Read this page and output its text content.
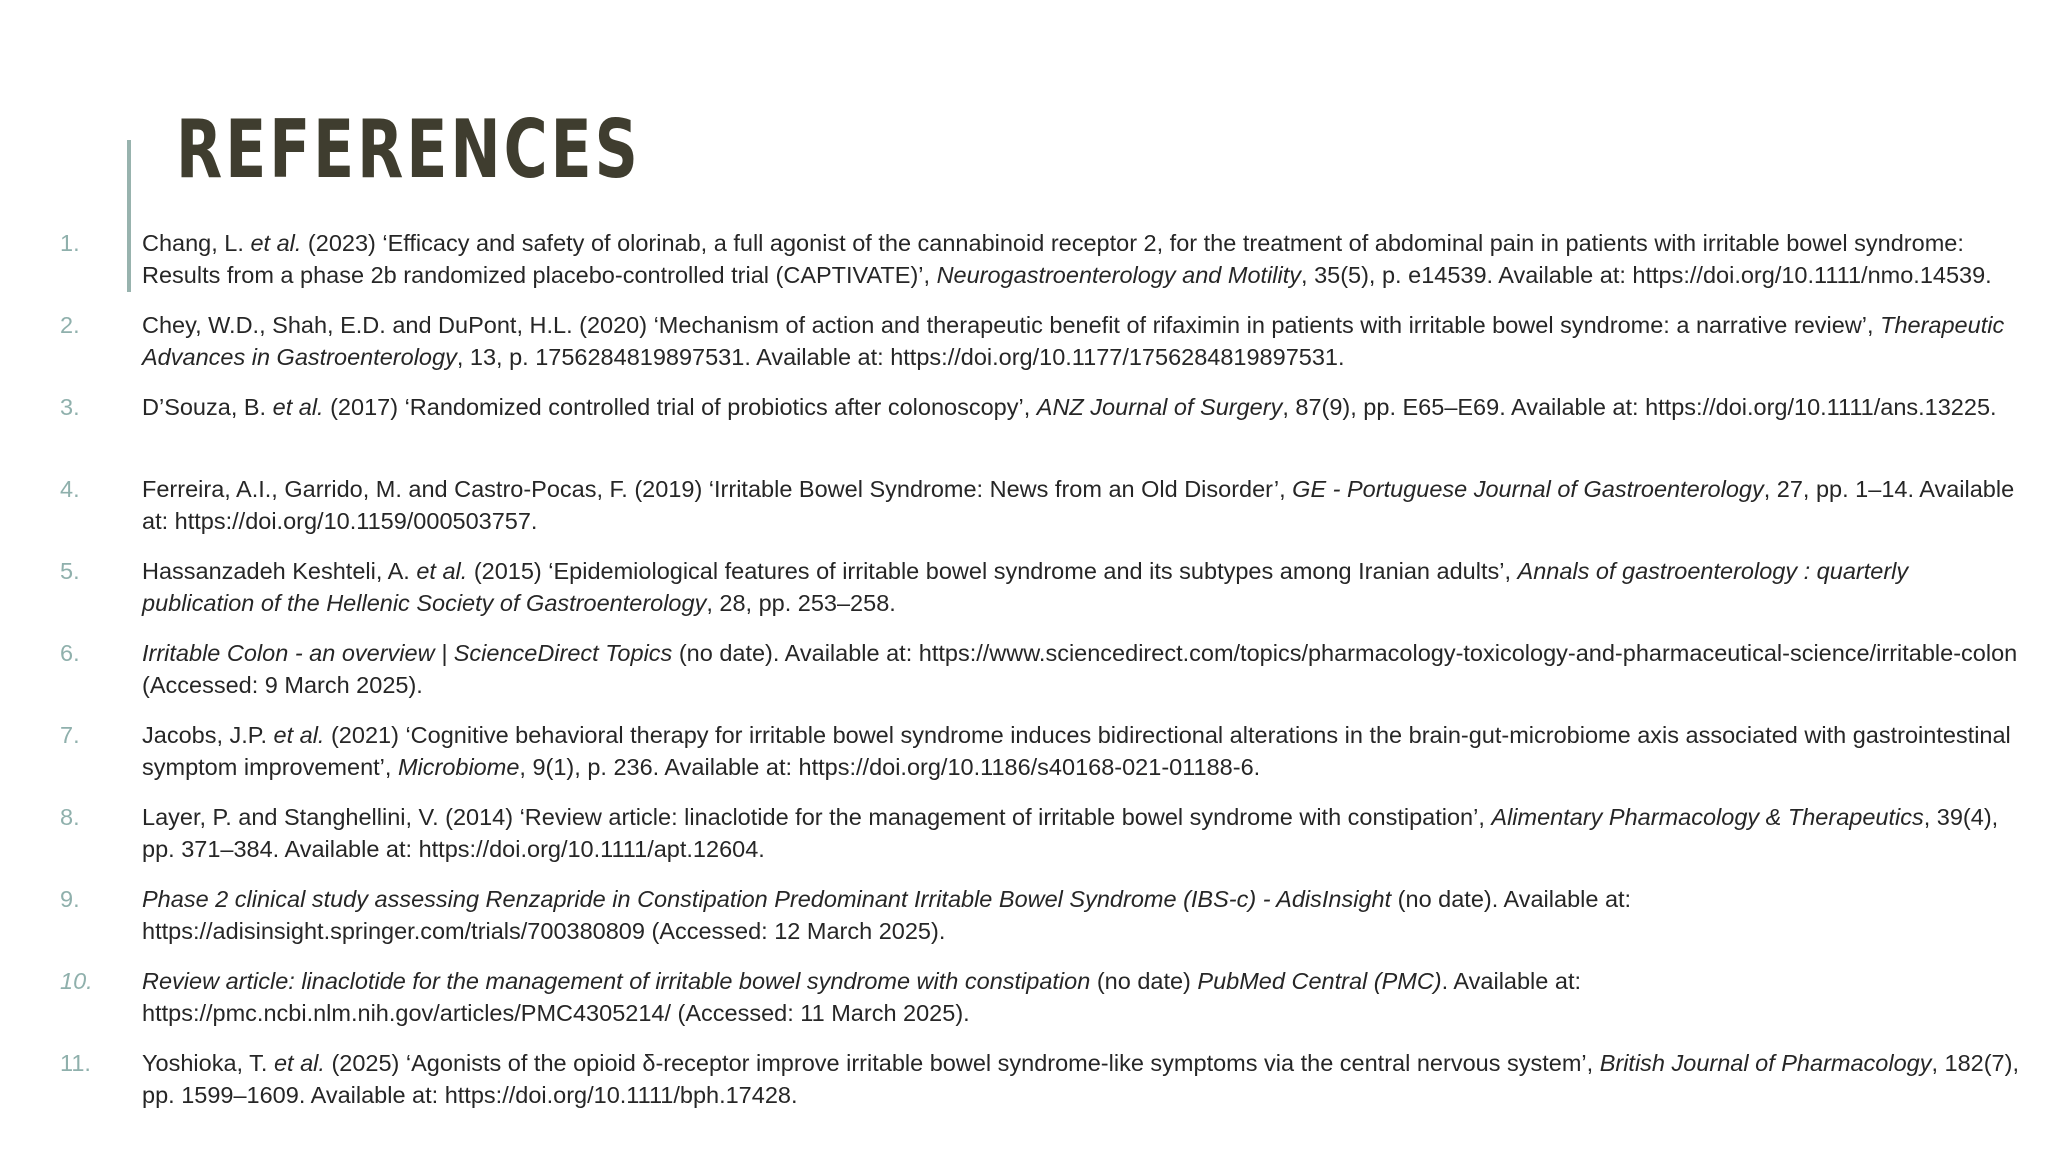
REFERENCES
1.	Chang, L. et al. (2023) ‘Efficacy and safety of olorinab, a full agonist of the cannabinoid receptor 2, for the treatment of abdominal pain in patients with irritable bowel syndrome: Results from a phase 2b randomized placebo-controlled trial (CAPTIVATE)’, Neurogastroenterology and Motility, 35(5), p. e14539. Available at: https://doi.org/10.1111/nmo.14539.
2.	Chey, W.D., Shah, E.D. and DuPont, H.L. (2020) ‘Mechanism of action and therapeutic benefit of rifaximin in patients with irritable bowel syndrome: a narrative review’, Therapeutic Advances in Gastroenterology, 13, p. 1756284819897531. Available at: https://doi.org/10.1177/1756284819897531.
3.	D’Souza, B. et al. (2017) ‘Randomized controlled trial of probiotics after colonoscopy’, ANZ Journal of Surgery, 87(9), pp. E65–E69. Available at: https://doi.org/10.1111/ans.13225.
4.	Ferreira, A.I., Garrido, M. and Castro-Pocas, F. (2019) ‘Irritable Bowel Syndrome: News from an Old Disorder’, GE - Portuguese Journal of Gastroenterology, 27, pp. 1–14. Available at: https://doi.org/10.1159/000503757.
5.	Hassanzadeh Keshteli, A. et al. (2015) ‘Epidemiological features of irritable bowel syndrome and its subtypes among Iranian adults’, Annals of gastroenterology : quarterly publication of the Hellenic Society of Gastroenterology, 28, pp. 253–258.
6.	Irritable Colon - an overview | ScienceDirect Topics (no date). Available at: https://www.sciencedirect.com/topics/pharmacology-toxicology-and-pharmaceutical-science/irritable-colon (Accessed: 9 March 2025).
7.	Jacobs, J.P. et al. (2021) ‘Cognitive behavioral therapy for irritable bowel syndrome induces bidirectional alterations in the brain-gut-microbiome axis associated with gastrointestinal symptom improvement’, Microbiome, 9(1), p. 236. Available at: https://doi.org/10.1186/s40168-021-01188-6.
8.	Layer, P. and Stanghellini, V. (2014) ‘Review article: linaclotide for the management of irritable bowel syndrome with constipation’, Alimentary Pharmacology & Therapeutics, 39(4), pp. 371–384. Available at: https://doi.org/10.1111/apt.12604.
9.	Phase 2 clinical study assessing Renzapride in Constipation Predominant Irritable Bowel Syndrome (IBS-c) - AdisInsight (no date). Available at: https://adisinsight.springer.com/trials/700380809 (Accessed: 12 March 2025).
10.	Review article: linaclotide for the management of irritable bowel syndrome with constipation (no date) PubMed Central (PMC). Available at: https://pmc.ncbi.nlm.nih.gov/articles/PMC4305214/ (Accessed: 11 March 2025).
11.	Yoshioka, T. et al. (2025) ‘Agonists of the opioid δ-receptor improve irritable bowel syndrome-like symptoms via the central nervous system’, British Journal of Pharmacology, 182(7), pp. 1599–1609. Available at: https://doi.org/10.1111/bph.17428.
